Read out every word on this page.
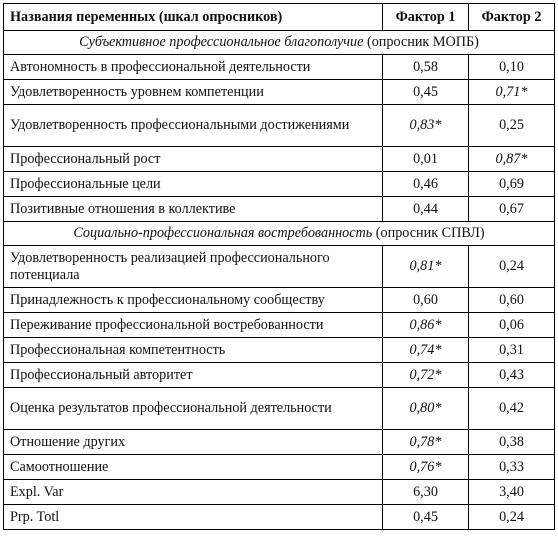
Названия переменных (шкал опросников)	Фактор 1	Фактор 2
Субъективное профессиональное благополучие (опросник МОПБ)		
Автономность в профессиональной деятельности	0,58	0,10
Удовлетворенность уровнем компетенции	0,45	0,71*
Удовлетворенность профессиональными достижениями	0,83*	0,25
Профессиональный рост	0,01	0,87*
Профессиональные цели	0,46	0,69
Позитивные отношения в коллективе	0,44	0,67
Социально-профессиональная востребованность (опросник СПВЛ)		
Удовлетворенность реализацией профессионального потенциала	0,81*	0,24
Принадлежность к профессиональному сообществу	0,60	0,60
Переживание профессиональной востребованности	0,86*	0,06
Профессиональная компетентность	0,74*	0,31
Профессиональный авторитет	0,72*	0,43
Оценка результатов профессиональной деятельности	0,80*	0,42
Отношение других	0,78*	0,38
Самоотношение	0,76*	0,33
Expl. Var	6,30	3,40
Prp. Totl	0,45	0,24
